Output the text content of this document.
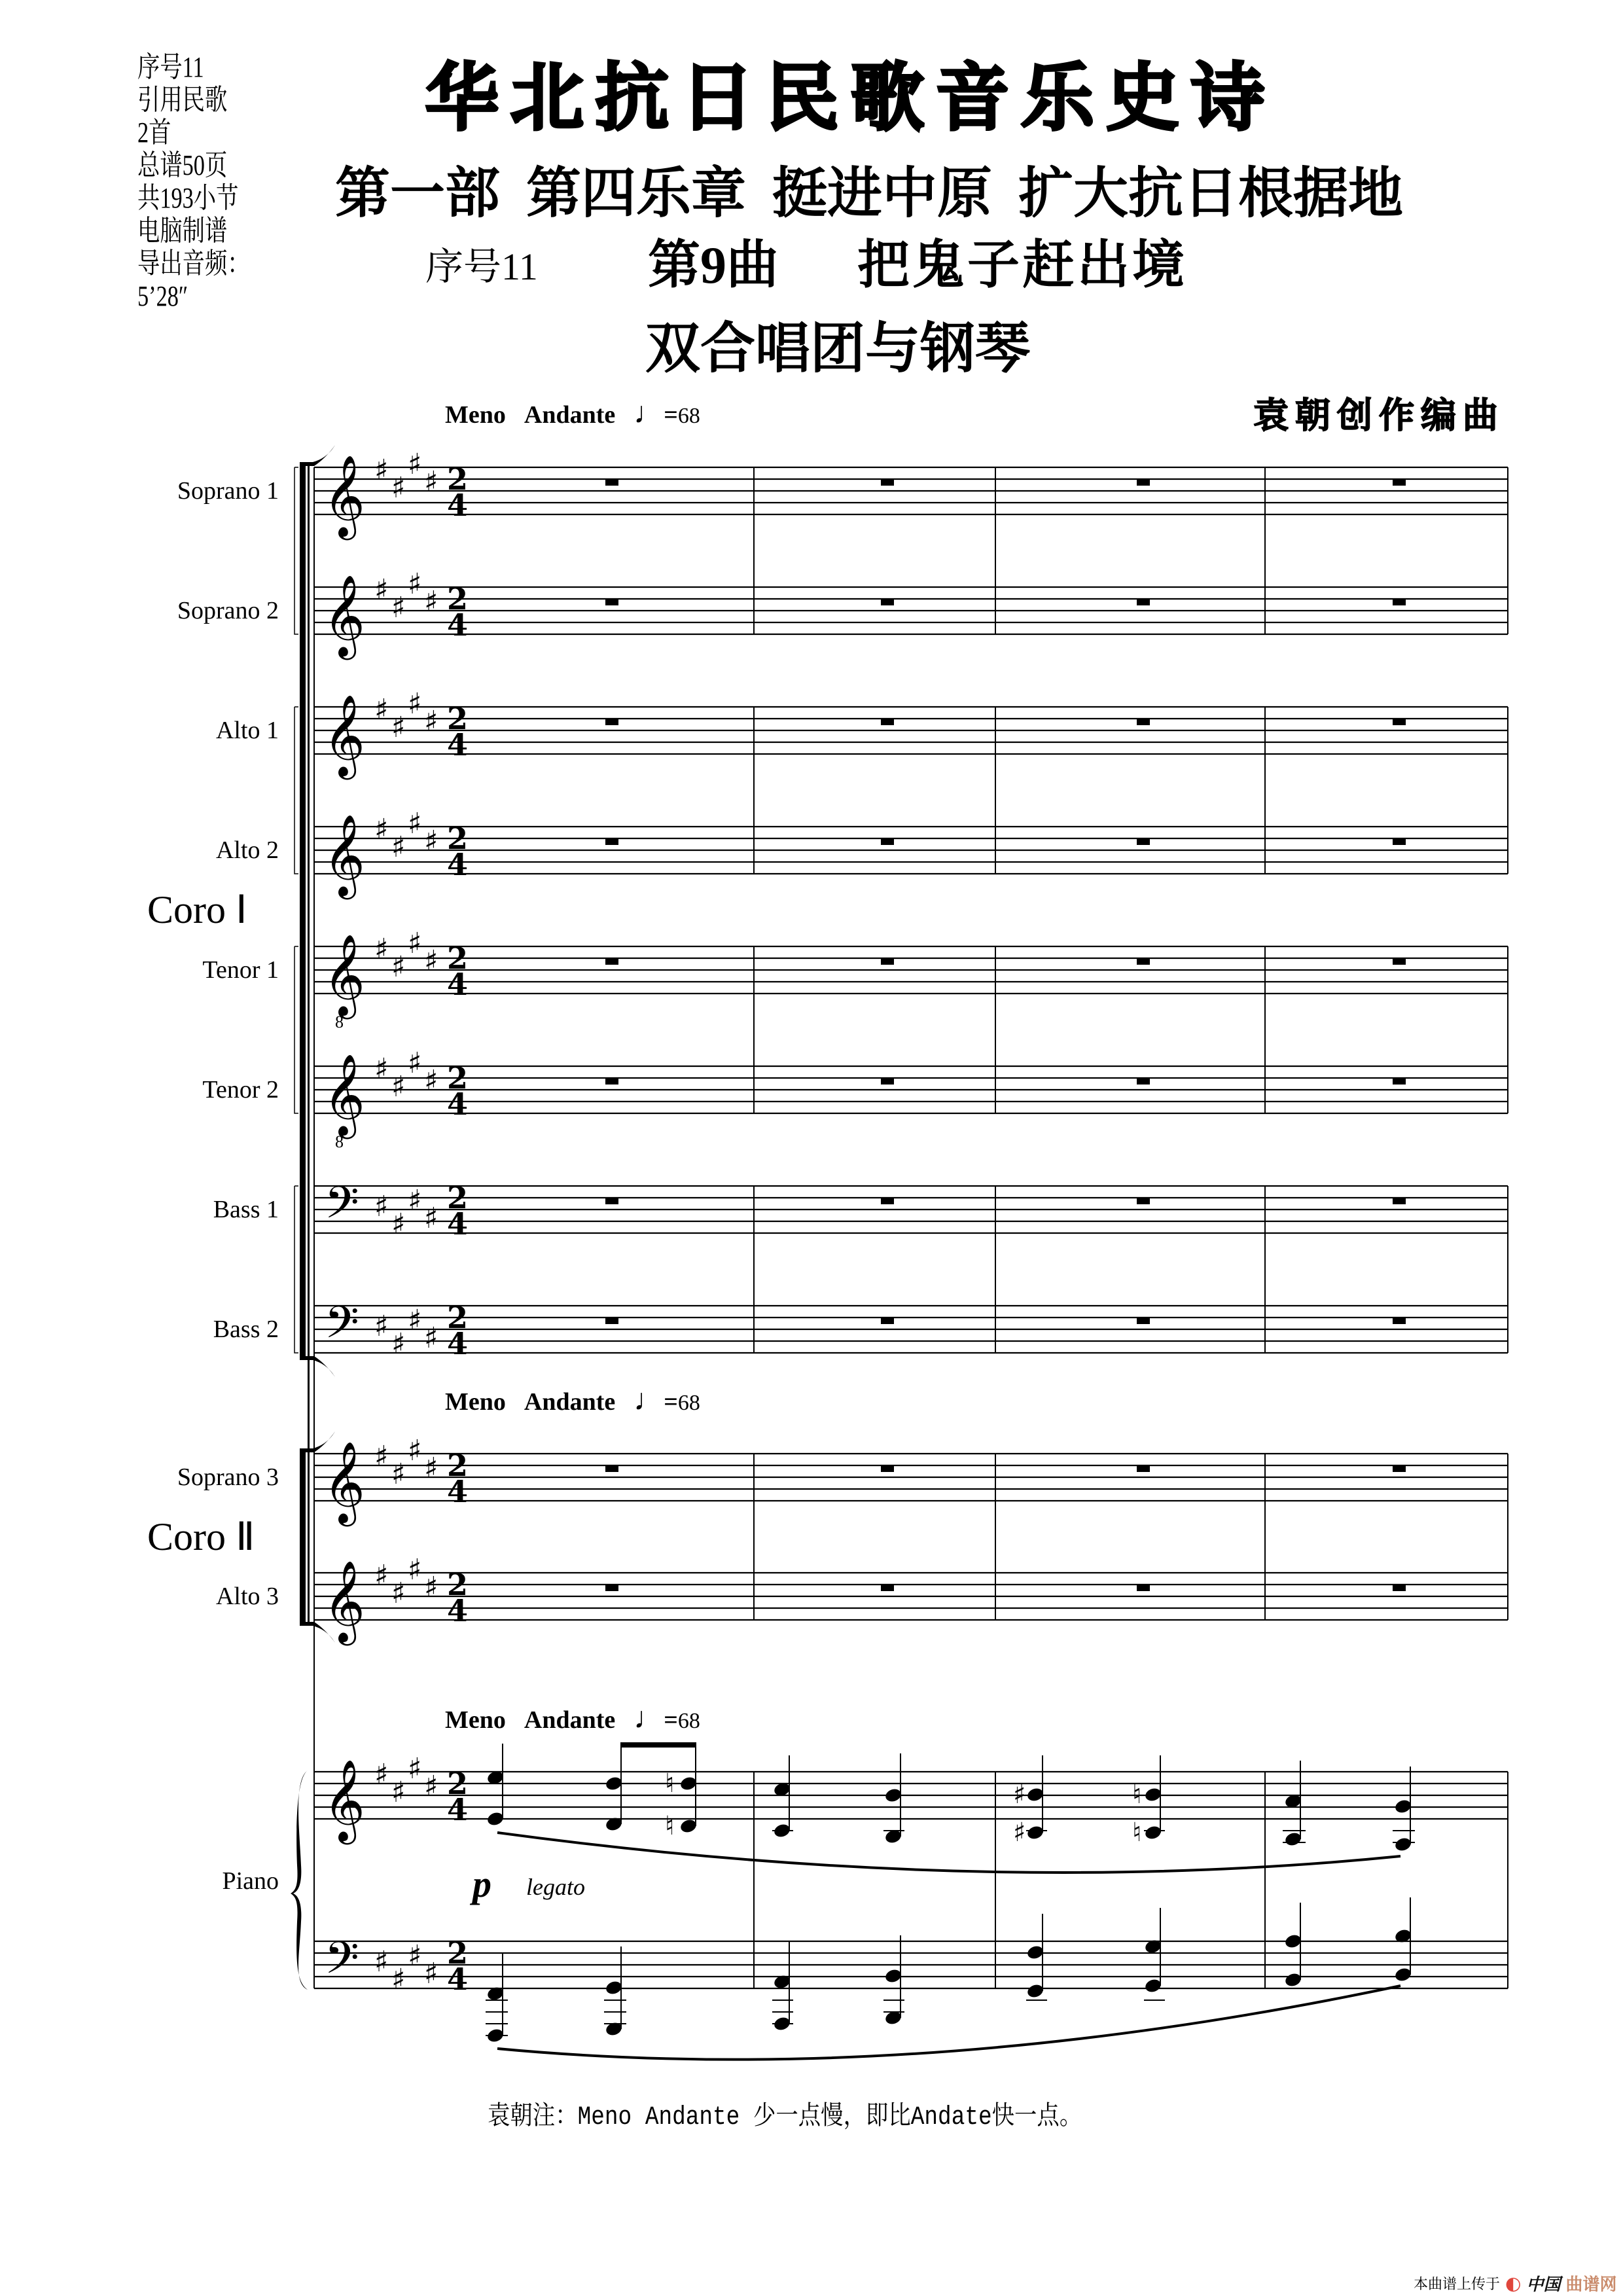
序号11
引用民歌
2首
总谱50页
共193小节
电脑制谱
导出音频：
5’28″
华北抗日民歌音乐史诗
第一部 第四乐章 挺进中原 扩大抗日根据地
序号11 第9曲 把鬼子赶出境
双合唱团与钢琴
袁朝创作编曲
Meno Andante ♩=68
Meno Andante ♩=68
Meno Andante ♩=68
Soprano 1
Soprano 2
Alto 1
Alto 2
Tenor 1
Tenor 2
Bass 1
Bass 2
Soprano 3
Alto 3
Piano
Coro Ⅰ
Coro Ⅱ
p legato
𝄞 ♯
♯
♯
♯ 2
4
𝄞 ♯
♯
♯
♯ 2
4
𝄞 ♯
♯
♯
♯ 2
4
𝄞 ♯
♯
♯
♯ 2
4
𝄞
8
♯
♯
♯
♯ 2
4
𝄞
8
♯
♯
♯
♯ 2
4
𝄢 ♯
♯
♯
♯
2
4
𝄢 ♯
♯
♯
♯
2
4
𝄞 ♯
♯
♯
♯ 2
4
𝄞 ♯
♯
♯
♯ 2
4
𝄞 ♯
♯
♯
♯ 2
4
𝄢 ♯
♯
♯
♯
2
4
♮
♮
♯
♯
♮
♮
袁朝注：Meno Andante 少一点慢，即比Andate快一点。
本曲谱上传于 ◐ 中国 曲谱网
